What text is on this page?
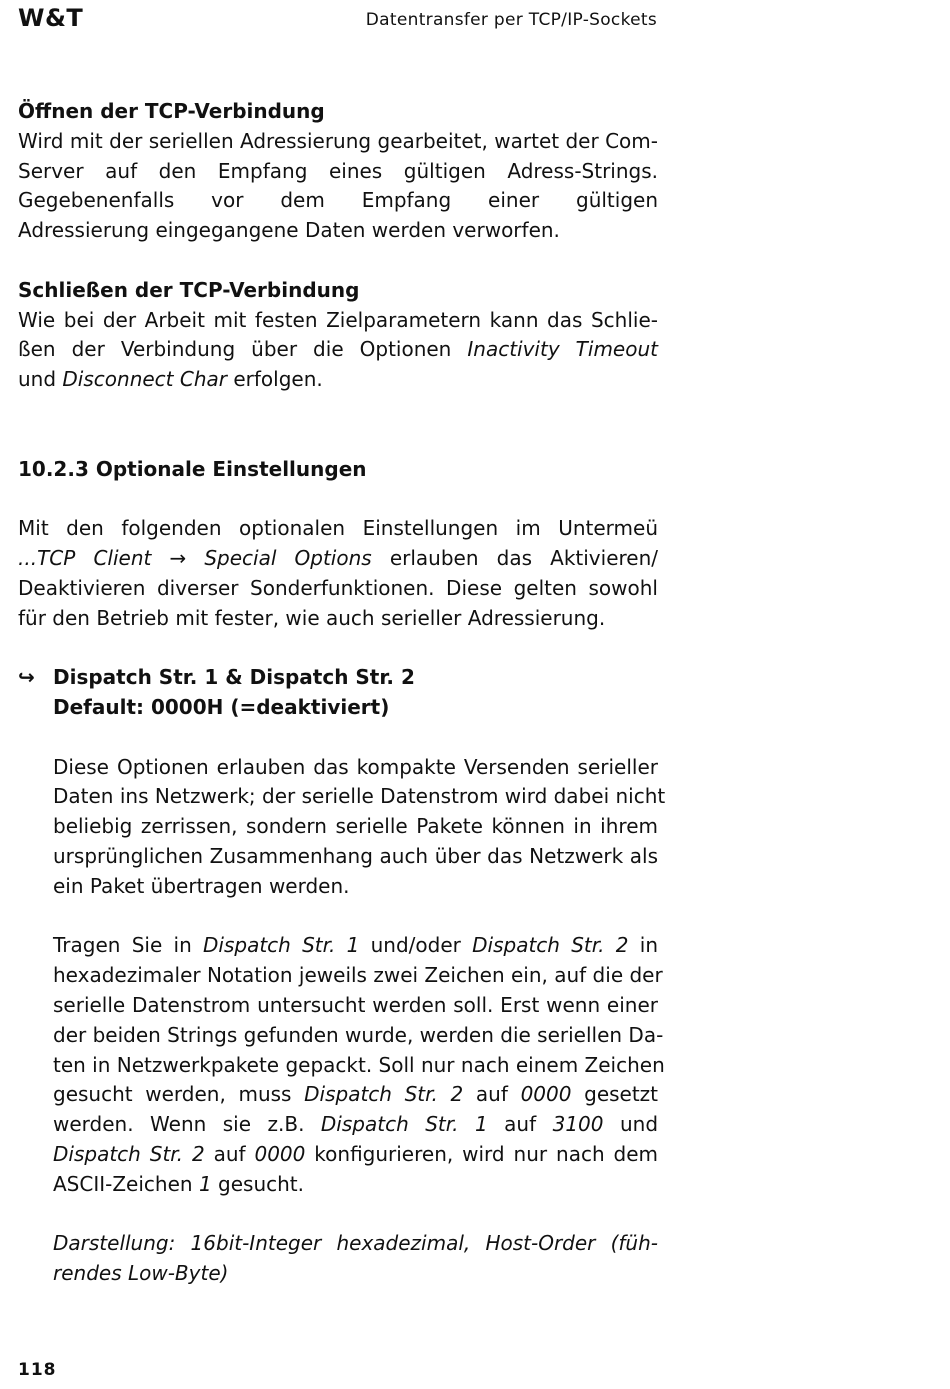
W&T	Datentransfer per TCP/IP-Sockets
Öffnen der TCP-Verbindung
Wird mit der seriellen Adressierung gearbeitet, wartet der Com-
Server auf den Empfang eines gültigen Adress-Strings.
Gegebenenfalls vor dem Empfang einer gültigen
Adressierung eingegangene Daten werden verworfen.
Schließen der TCP-Verbindung
Wie bei der Arbeit mit festen Zielparametern kann das Schlie-
ßen der Verbindung über die Optionen Inactivity Timeout
und Disconnect Char erfolgen.
10.2.3 Optionale Einstellungen
Mit den folgenden optionalen Einstellungen im Untermeü
...TCP Client → Special Options erlauben das Aktivieren/
Deaktivieren diverser Sonderfunktionen. Diese gelten sowohl
für den Betrieb mit fester, wie auch serieller Adressierung.
↪ Dispatch Str. 1 & Dispatch Str. 2
Default: 0000H (=deaktiviert)
Diese Optionen erlauben das kompakte Versenden serieller
Daten ins Netzwerk; der serielle Datenstrom wird dabei nicht
beliebig zerrissen, sondern serielle Pakete können in ihrem
ursprünglichen Zusammenhang auch über das Netzwerk als
ein Paket übertragen werden.
Tragen Sie in Dispatch Str. 1 und/oder Dispatch Str. 2 in
hexadezimaler Notation jeweils zwei Zeichen ein, auf die der
serielle Datenstrom untersucht werden soll. Erst wenn einer
der beiden Strings gefunden wurde, werden die seriellen Da-
ten in Netzwerkpakete gepackt. Soll nur nach einem Zeichen
gesucht werden, muss Dispatch Str. 2 auf 0000 gesetzt
werden. Wenn sie z.B. Dispatch Str. 1 auf 3100 und
Dispatch Str. 2 auf 0000 konfigurieren, wird nur nach dem
ASCII-Zeichen 1 gesucht.
Darstellung: 16bit-Integer hexadezimal, Host-Order (füh-
rendes Low-Byte)
118
